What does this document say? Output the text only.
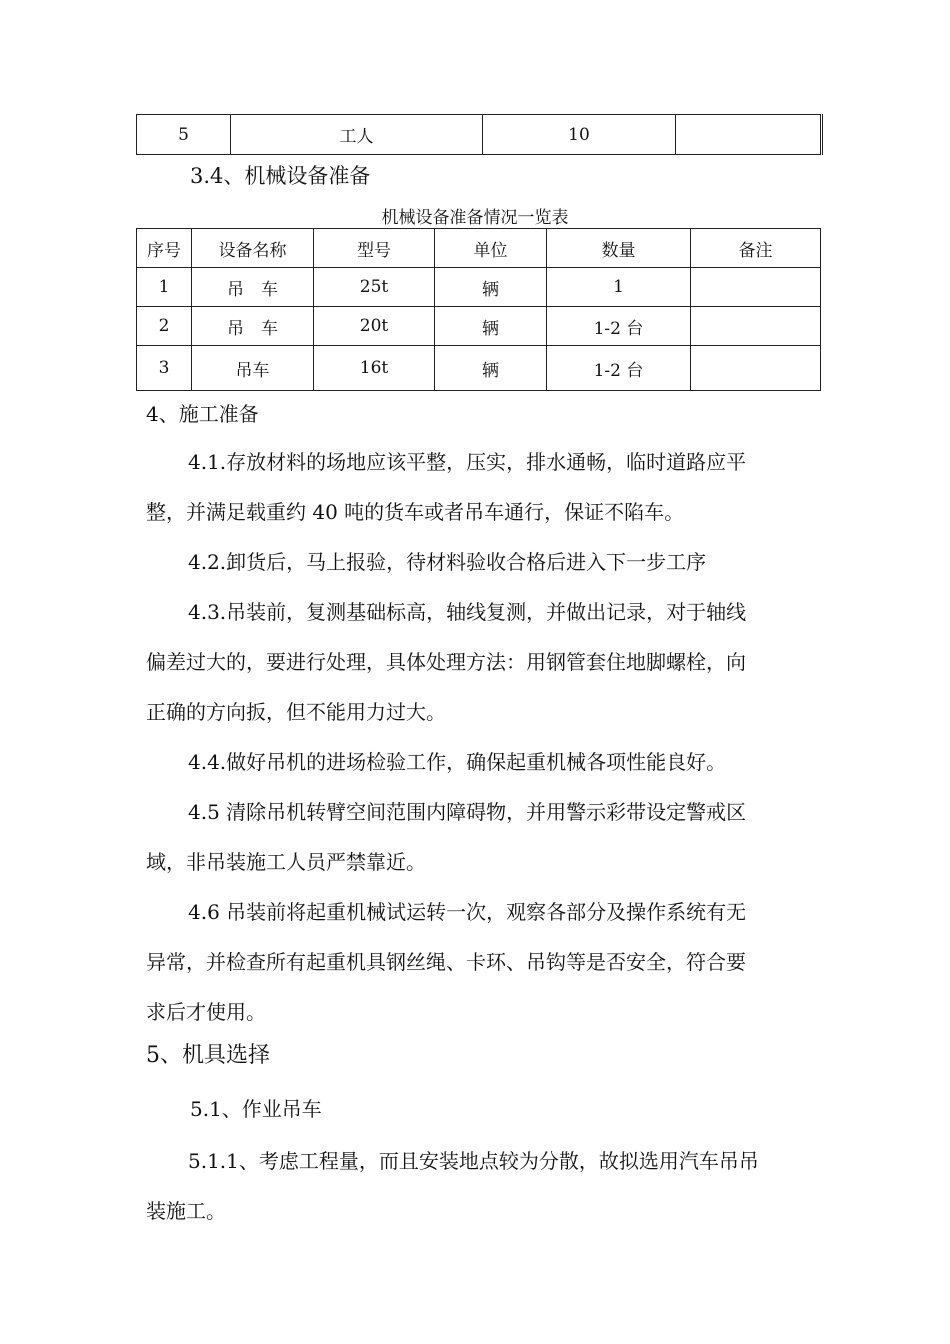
5	工人	10	
3.4、机械设备准备
机械设备准备情况一览表
序号	设备名称	型号	单位	数量	备注
1	吊　车	25t	辆	1	
2	吊　车	20t	辆	1-2 台	
3	吊车	16t	辆	1-2 台	
4、施工准备
4.1.存放材料的场地应该平整，压实，排水通畅，临时道路应平
整，并满足载重约 40 吨的货车或者吊车通行，保证不陷车。
4.2.卸货后，马上报验，待材料验收合格后进入下一步工序
4.3.吊装前，复测基础标高，轴线复测，并做出记录，对于轴线
偏差过大的，要进行处理，具体处理方法：用钢管套住地脚螺栓，向
正确的方向扳，但不能用力过大。
4.4.做好吊机的进场检验工作，确保起重机械各项性能良好。
4.5 清除吊机转臂空间范围内障碍物，并用警示彩带设定警戒区
域，非吊装施工人员严禁靠近。
4.6 吊装前将起重机械试运转一次，观察各部分及操作系统有无
异常，并检查所有起重机具钢丝绳、卡环、吊钩等是否安全，符合要
求后才使用。
5、机具选择
5.1、作业吊车
5.1.1、考虑工程量，而且安装地点较为分散，故拟选用汽车吊吊
装施工。
